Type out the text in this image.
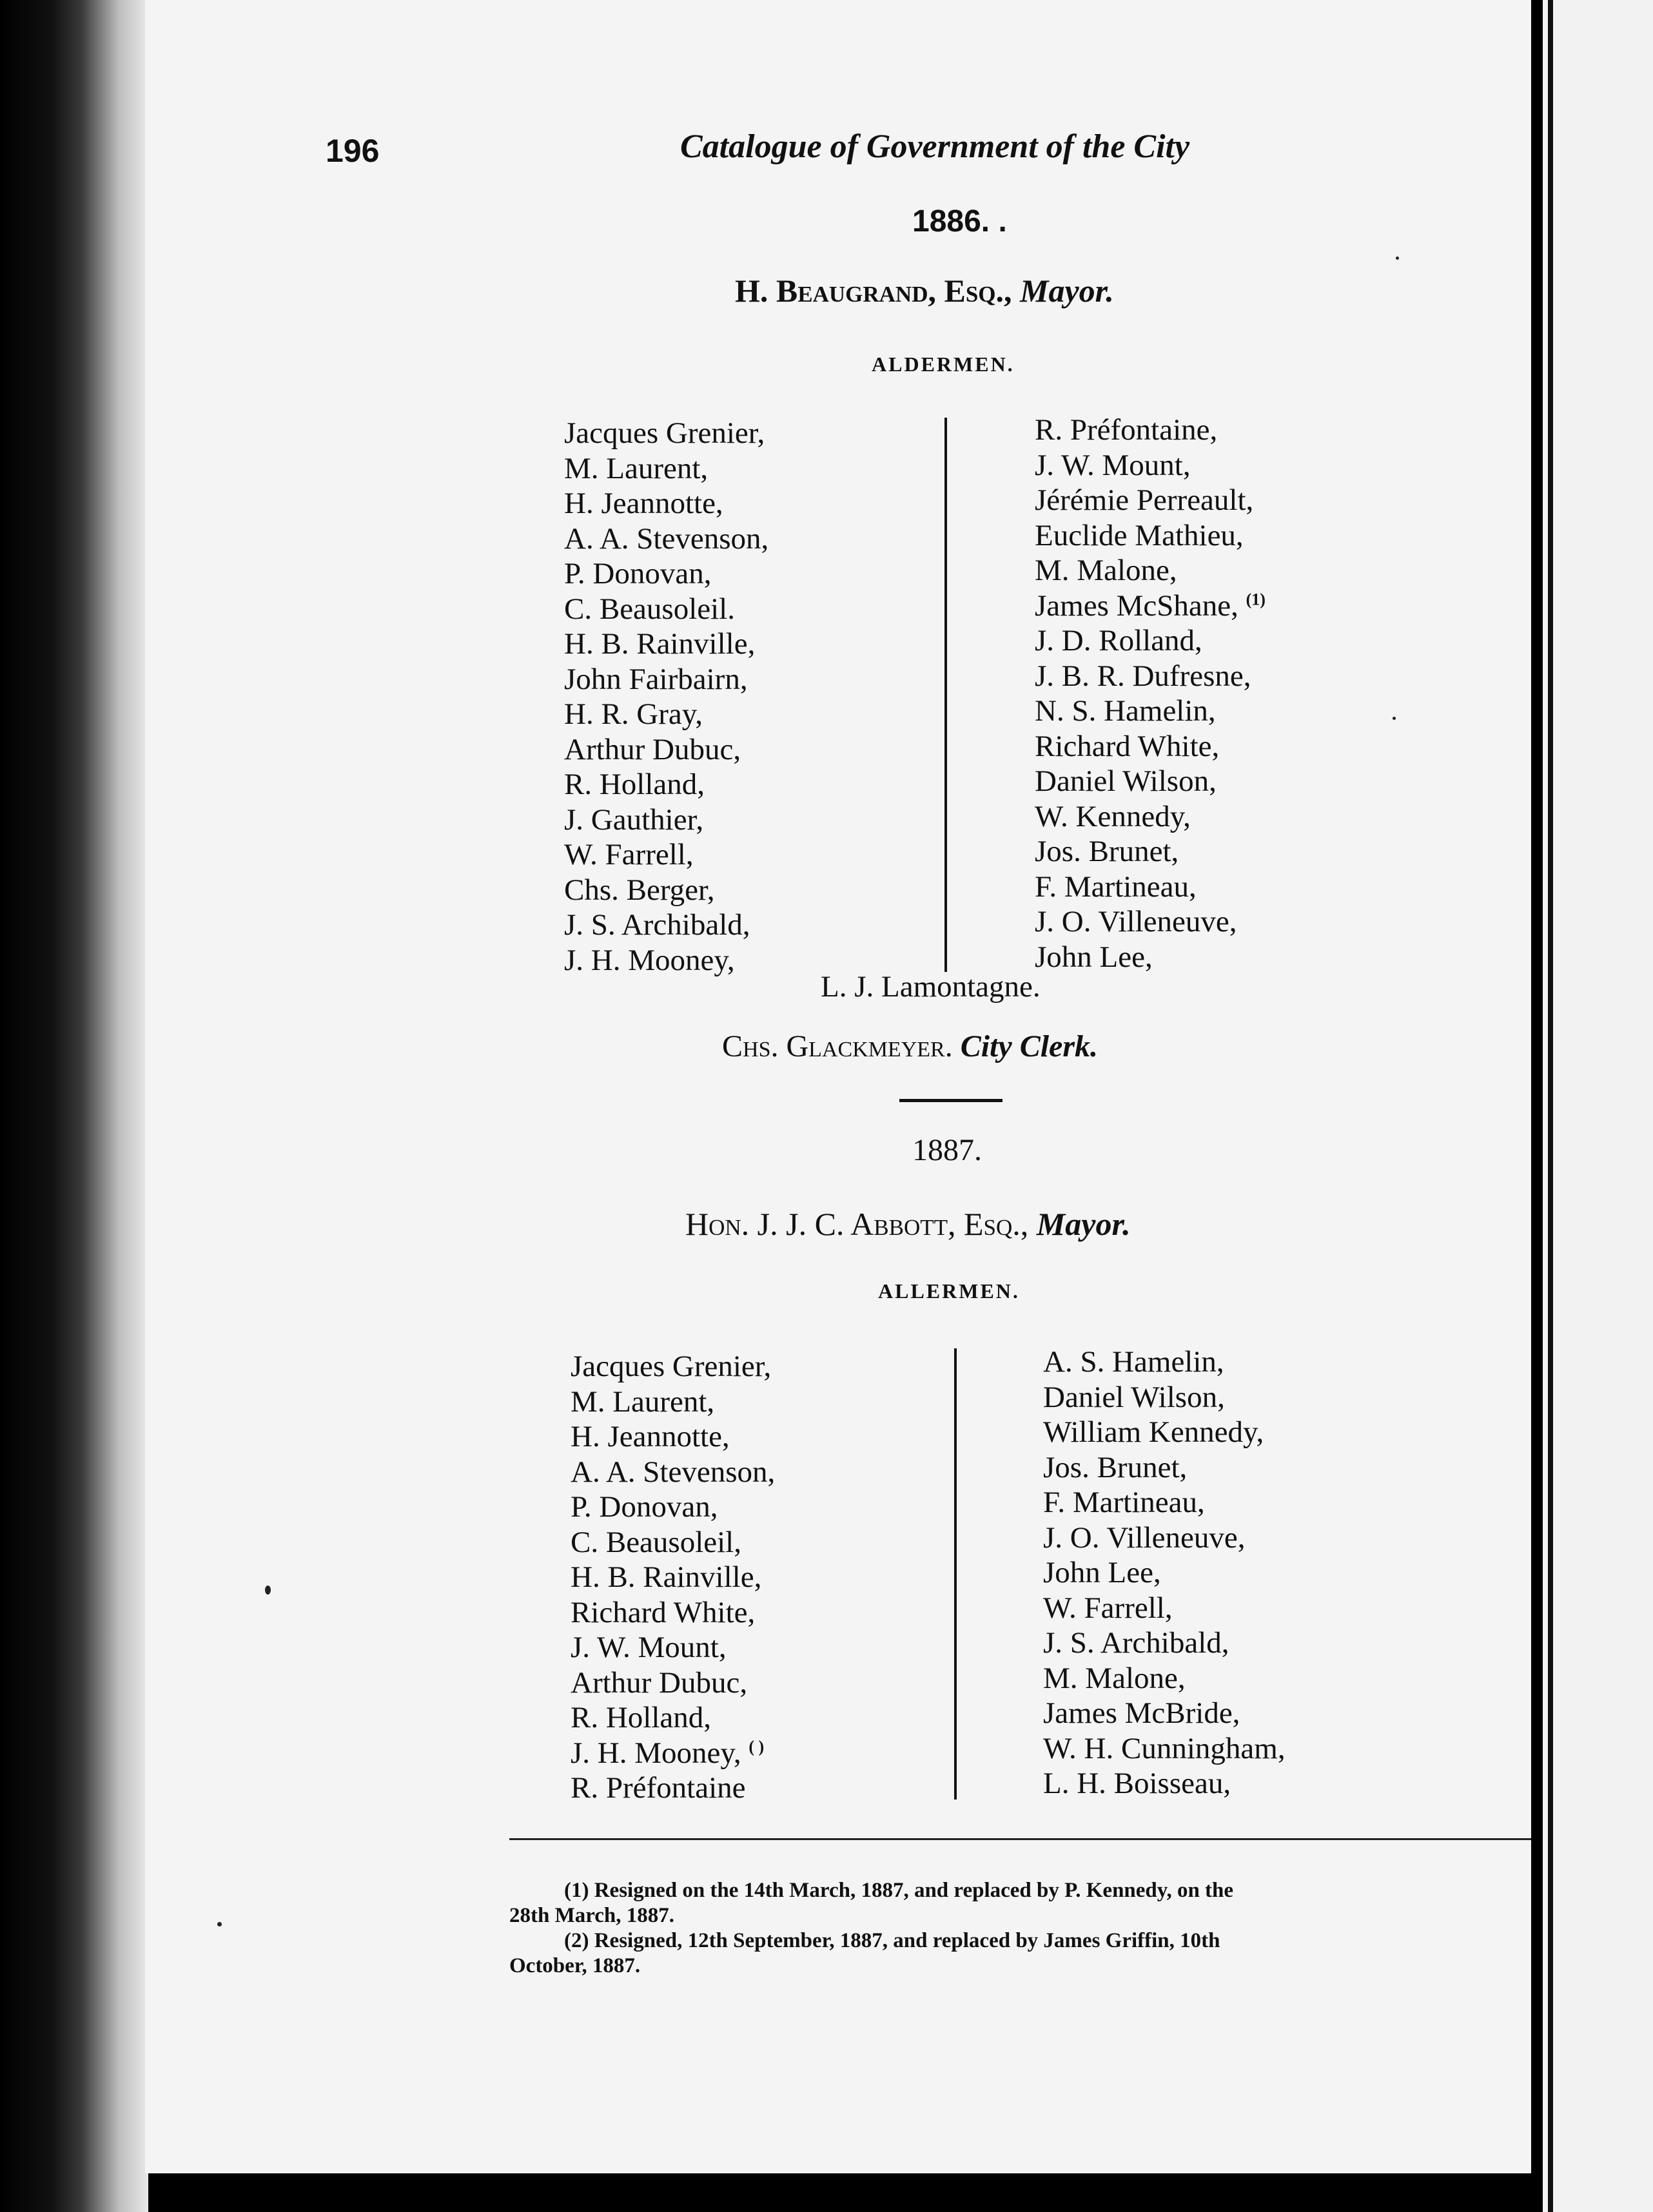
196	Catalogue of Government of the City
1886. .
H. Beaugrand, Esq., Mayor.
ALDERMEN.
Jacques Grenier,
M. Laurent,
H. Jeannotte,
A. A. Stevenson,
P. Donovan,
C. Beausoleil.
H. B. Rainville,
John Fairbairn,
H. R. Gray,
Arthur Dubuc,
R. Holland,
J. Gauthier,
W. Farrell,
Chs. Berger,
J. S. Archibald,
J. H. Mooney,
R. Préfontaine,
J. W. Mount,
Jérémie Perreault,
Euclide Mathieu,
M. Malone,
James McShane, $^{(1)}$
J. D. Rolland,
J. B. R. Dufresne,
N. S. Hamelin,
Richard White,
Daniel Wilson,
W. Kennedy,
Jos. Brunet,
F. Martineau,
J. O. Villeneuve,
John Lee,
L. J. Lamontagne.
Chs. Glackmeyer. City Clerk.
1887.
Hon. J. J. C. Abbott, Esq., Mayor.
ALLERMEN.
Jacques Grenier,
M. Laurent,
H. Jeannotte,
A. A. Stevenson,
P. Donovan,
C. Beausoleil,
H. B. Rainville,
Richard White,
J. W. Mount,
Arthur Dubuc,
R. Holland,
J. H. Mooney, ( )
R. Préfontaine
A. S. Hamelin,
Daniel Wilson,
William Kennedy,
Jos. Brunet,
F. Martineau,
J. O. Villeneuve,
John Lee,
W. Farrell,
J. S. Archibald,
M. Malone,
James McBride,
W. H. Cunningham,
L. H. Boisseau,
(1) Resigned on the 14th March, 1887, and replaced by P. Kennedy, on the
28th March, 1887.
(2) Resigned, 12th September, 1887, and replaced by James Griffin, 10th
October, 1887.
